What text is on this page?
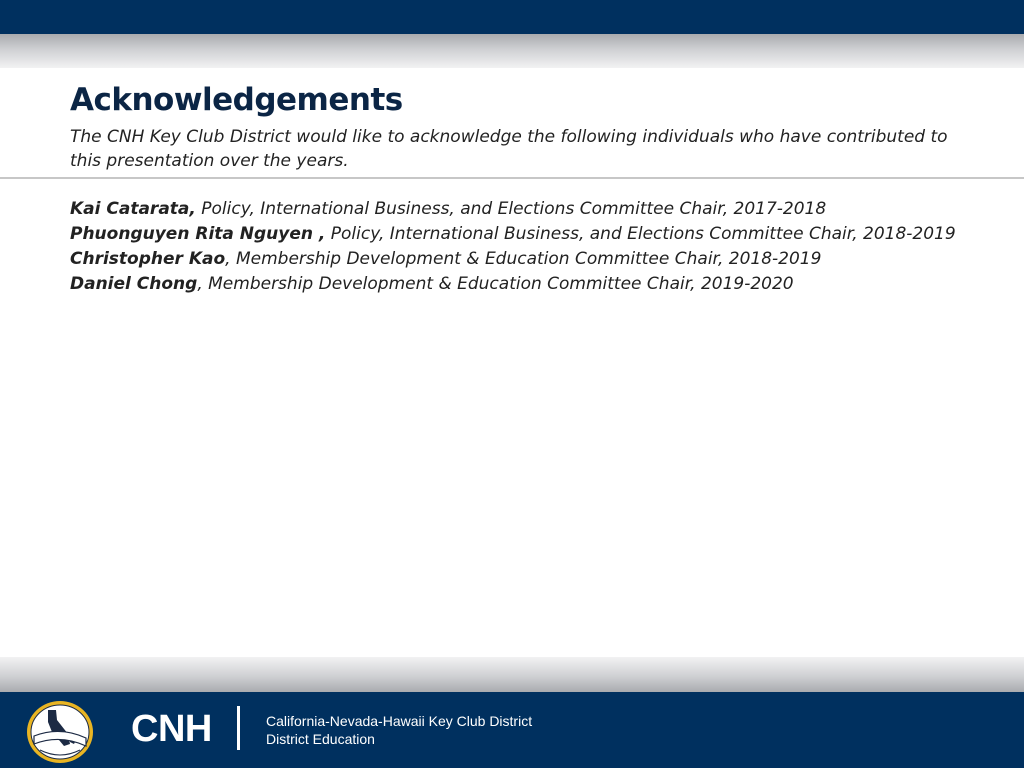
Acknowledgements

The CNH Key Club District would like to acknowledge the following individuals who have contributed to this presentation over the years.

Kai Catarata, Policy, International Business, and Elections Committee Chair, 2017-2018
Phuonguyen Rita Nguyen , Policy, International Business, and Elections Committee Chair, 2018-2019
Christopher Kao, Membership Development & Education Committee Chair, 2018-2019
Daniel Chong, Membership Development & Education Committee Chair, 2019-2020
CNH	California-Nevada-Hawaii Key Club District
District Education
